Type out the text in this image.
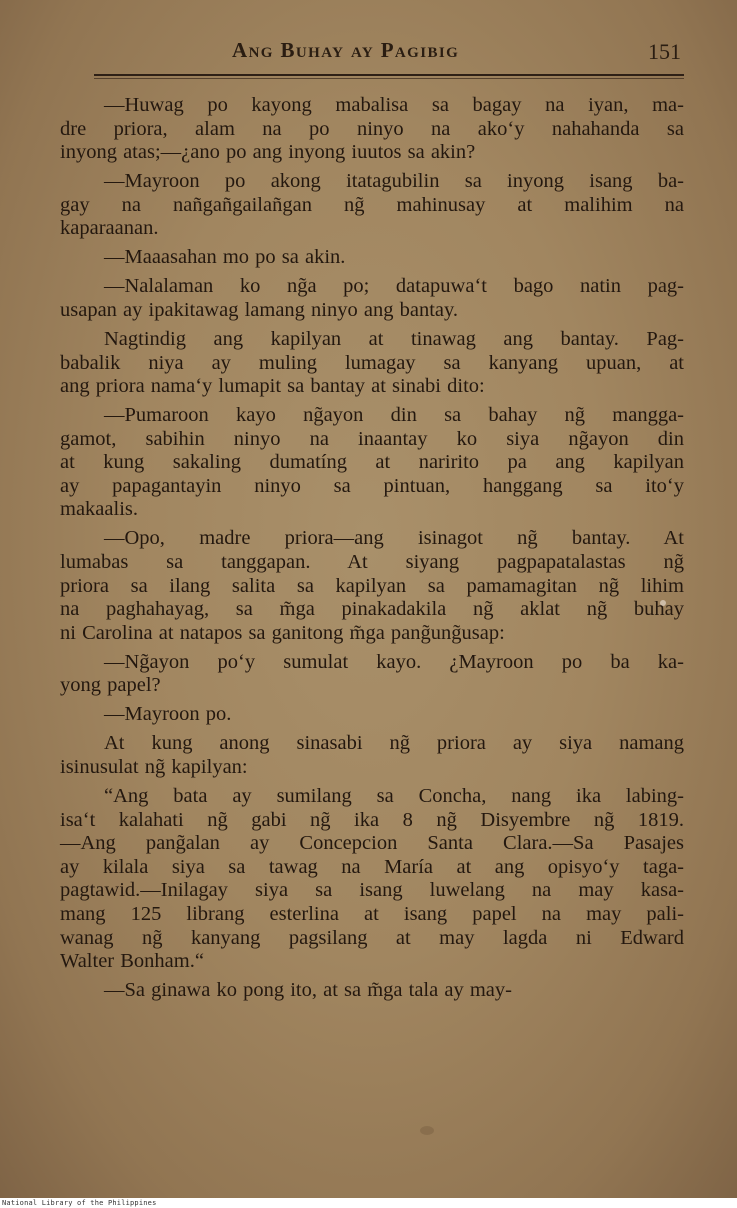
Ang Buhay ay Pagibig	151
—Huwag po kayong mabalisa sa bagay na iyan, ma-
dre priora, alam na po ninyo na ako‘y nahahanda sa
inyong atas;—¿ano po ang inyong iuutos sa akin?
—Mayroon po akong itatagubilin sa inyong isang ba-
gay na nañgañgailañgan ng̃ mahinusay at malihim na
kaparaanan.
—Maaasahan mo po sa akin.
—Nalalaman ko ng̃a po; datapuwa‘t bago natin pag-
usapan ay ipakitawag lamang ninyo ang bantay.
Nagtindig ang kapilyan at tinawag ang bantay. Pag-
babalik niya ay muling lumagay sa kanyang upuan, at
ang priora nama‘y lumapit sa bantay at sinabi dito:
—Pumaroon kayo ng̃ayon din sa bahay ng̃ mangga-
gamot, sabihin ninyo na inaantay ko siya ng̃ayon din
at kung sakaling dumatíng at naririto pa ang kapilyan
ay papagantayin ninyo sa pintuan, hanggang sa ito‘y
makaalis.
—Opo, madre priora—ang isinagot ng̃ bantay. At
lumabas sa tanggapan. At siyang pagpapatalastas ng̃
priora sa ilang salita sa kapilyan sa pamamagitan ng̃ lihim
na paghahayag, sa m̃ga pinakadakila ng̃ aklat ng̃ buhay
ni Carolina at natapos sa ganitong m̃ga pang̃ung̃usap:
—Ng̃ayon po‘y sumulat kayo. ¿Mayroon po ba ka-
yong papel?
—Mayroon po.
At kung anong sinasabi ng̃ priora ay siya namang
isinusulat ng̃ kapilyan:
“Ang bata ay sumilang sa Concha, nang ika labing-
isa‘t kalahati ng̃ gabi ng̃ ika 8 ng̃ Disyembre ng̃ 1819.
—Ang pang̃alan ay Concepcion Santa Clara.—Sa Pasajes
ay kilala siya sa tawag na María at ang opisyo‘y taga-
pagtawid.—Inilagay siya sa isang luwelang na may kasa-
mang 125 librang esterlina at isang papel na may pali-
wanag ng̃ kanyang pagsilang at may lagda ni Edward
Walter Bonham.“
—Sa ginawa ko pong ito, at sa m̃ga tala ay may-
National Library of the Philippines
